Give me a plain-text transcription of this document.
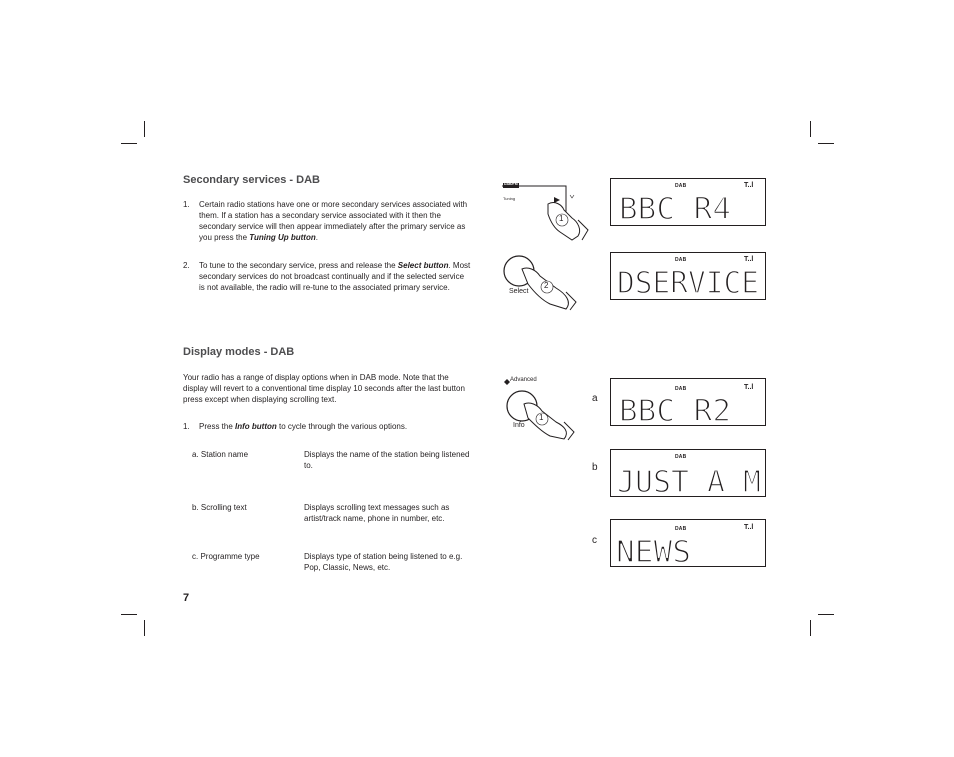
Secondary services - DAB
1. Certain radio stations have one or more secondary services associated with them. If a station has a secondary service associated with it then the secondary service will then appear immediately after the primary service as you press the Tuning Up button.
2. To tune to the secondary service, press and release the Select button. Most secondary services do not broadcast continually and if the selected service is not available, the radio will re-tune to the associated primary service.
Display modes - DAB
Your radio has a range of display options when in DAB mode. Note that the display will revert to a conventional time display 10 seconds after the last button press except when displaying scrolling text.
1. Press the Info button to cycle through the various options.
a. Station name	Displays the name of the station being listened to.
b. Scrolling text	Displays scrolling text messages such as artist/track name, phone in number, etc.
c. Programme type	Displays type of station being listened to e.g. Pop, Classic, News, etc.
7
DAB/FM
Tuning
1
Select
2
Advanced
Info
1
DAB	T..l
BBC R4
DAB	T..l
DSERVICE
a
DAB	T..l
BBC R2
b
DAB
JUST A M
c
DAB	T..l
NEWS
